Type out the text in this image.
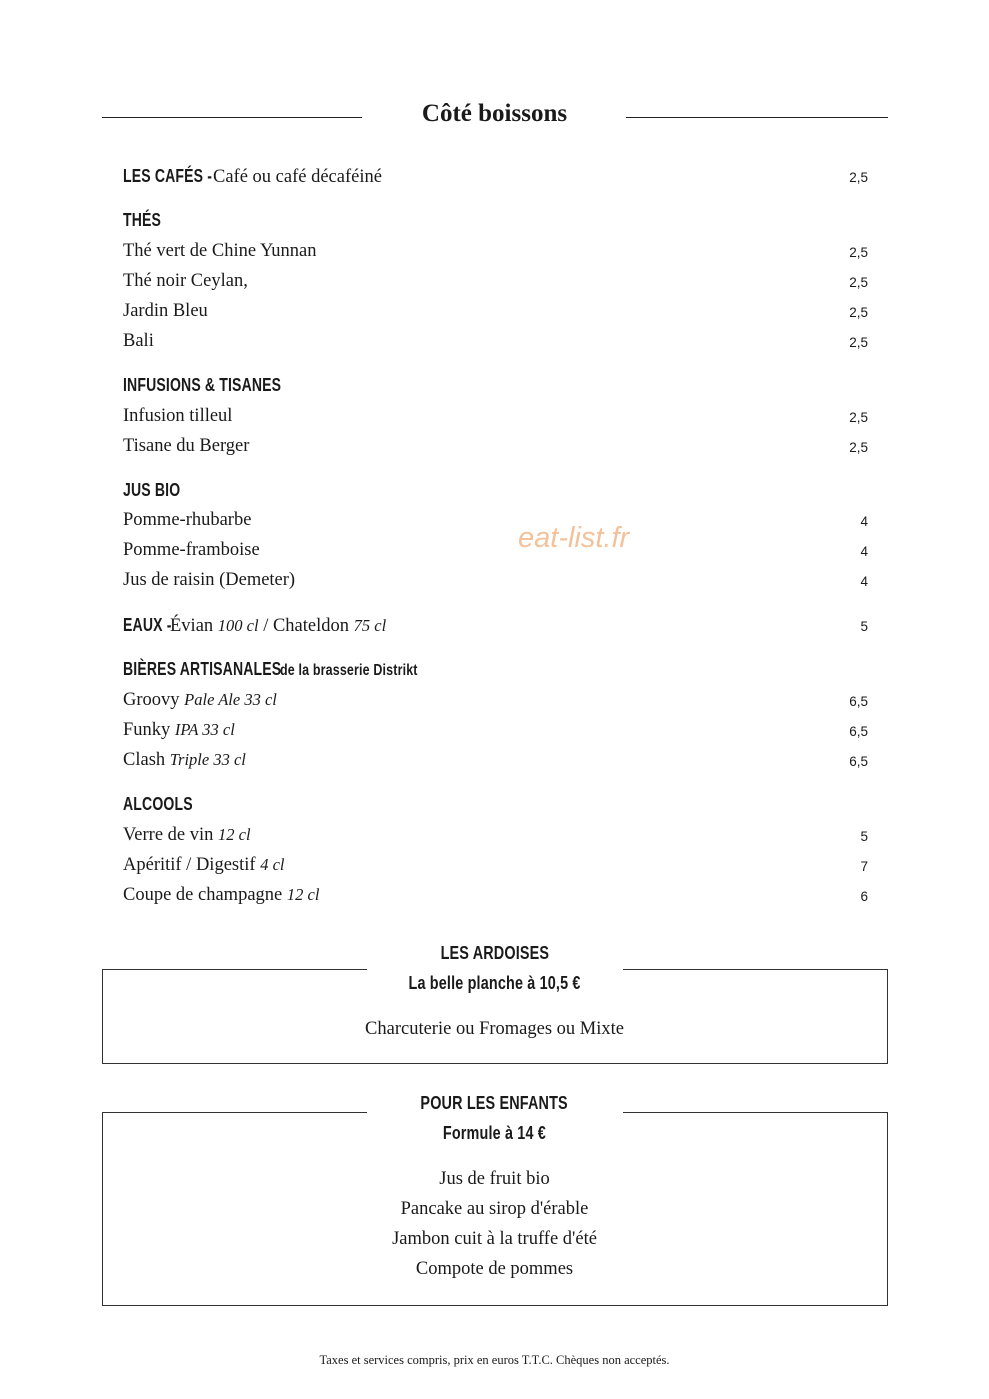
Côté boissons
LES CAFÉS -Café ou café décaféiné	2,5
THÉS
Thé vert de Chine Yunnan	2,5
Thé noir Ceylan,	2,5
Jardin Bleu	2,5
Bali	2,5
INFUSIONS & TISANES
Infusion tilleul	2,5
Tisane du Berger	2,5
JUS BIO
Pomme-rhubarbe	4
Pomme-framboise	4
Jus de raisin (Demeter)	4
eat-list.fr
EAUX -Évian 100 cl / Chateldon 75 cl	5
BIÈRES ARTISANALESde la brasserie Distrikt
Groovy Pale Ale 33 cl	6,5
Funky IPA 33 cl	6,5
Clash Triple 33 cl	6,5
ALCOOLS
Verre de vin 12 cl	5
Apéritif / Digestif 4 cl	7
Coupe de champagne 12 cl	6
LES ARDOISES
La belle planche à 10,5 €
Charcuterie ou Fromages ou Mixte
POUR LES ENFANTS
Formule à 14 €
Jus de fruit bio
Pancake au sirop d'érable
Jambon cuit à la truffe d'été
Compote de pommes
Taxes et services compris, prix en euros T.T.C. Chèques non acceptés.
